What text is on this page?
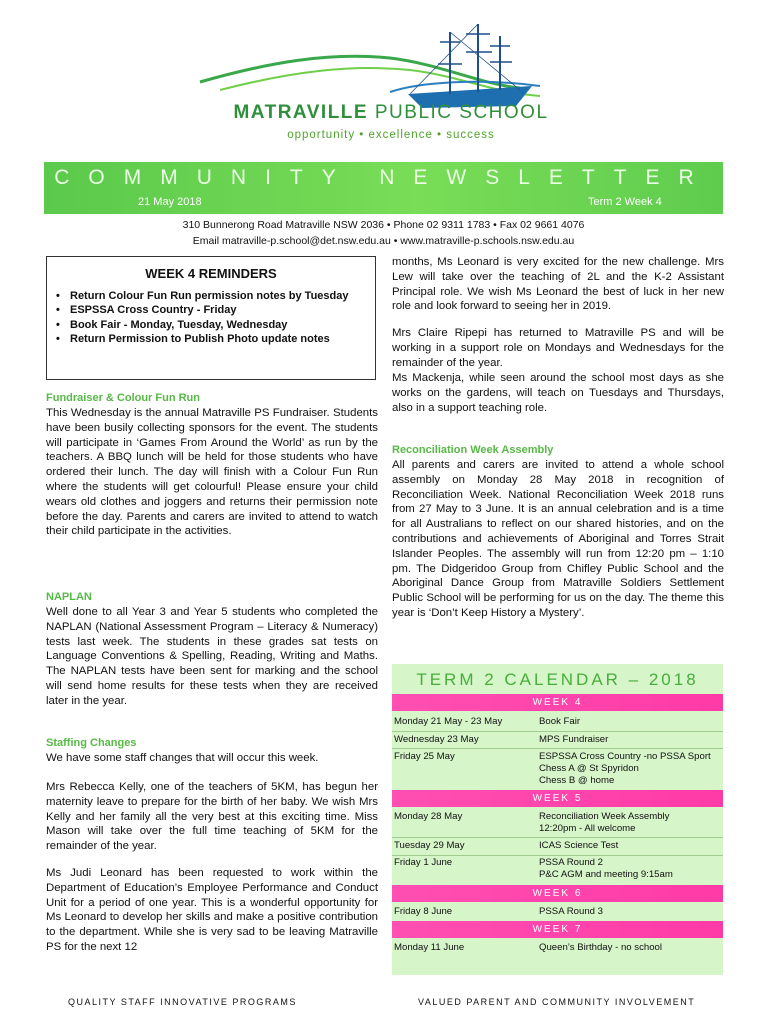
MATRAVILLE PUBLIC SCHOOL
opportunity • excellence • success
COMMUNITY NEWSLETTER
21 May 2018	Term 2 Week 4
310 Bunnerong Road Matraville NSW 2036 • Phone 02 9311 1783 • Fax 02 9661 4076
Email matraville-p.school@det.nsw.edu.au • www.matraville-p.schools.nsw.edu.au
WEEK 4 REMINDERS
• Return Colour Fun Run permission notes by Tuesday
• ESPSSA Cross Country - Friday
• Book Fair - Monday, Tuesday, Wednesday
• Return Permission to Publish Photo update notes
Fundraiser & Colour Fun Run
This Wednesday is the annual Matraville PS Fundraiser. Students have been busily collecting sponsors for the event. The students will participate in ‘Games From Around the World’ as run by the teachers. A BBQ lunch will be held for those students who have ordered their lunch. The day will finish with a Colour Fun Run where the students will get colourful! Please ensure your child wears old clothes and joggers and returns their permission note before the day. Parents and carers are invited to attend to watch their child participate in the activities.
NAPLAN
Well done to all Year 3 and Year 5 students who completed the NAPLAN (National Assessment Program – Literacy & Numeracy) tests last week. The students in these grades sat tests on Language Conventions & Spelling, Reading, Writing and Maths. The NAPLAN tests have been sent for marking and the school will send home results for these tests when they are received later in the year.
Staffing Changes
We have some staff changes that will occur this week.
Mrs Rebecca Kelly, one of the teachers of 5KM, has begun her maternity leave to prepare for the birth of her baby. We wish Mrs Kelly and her family all the very best at this exciting time. Miss Mason will take over the full time teaching of 5KM for the remainder of the year.
Ms Judi Leonard has been requested to work within the Department of Education’s Employee Performance and Conduct Unit for a period of one year. This is a wonderful opportunity for Ms Leonard to develop her skills and make a positive contribution to the department. While she is very sad to be leaving Matraville PS for the next 12
months, Ms Leonard is very excited for the new challenge. Mrs Lew will take over the teaching of 2L and the K-2 Assistant Principal role. We wish Ms Leonard the best of luck in her new role and look forward to seeing her in 2019.
Mrs Claire Ripepi has returned to Matraville PS and will be working in a support role on Mondays and Wednesdays for the remainder of the year.
Ms Mackenja, while seen around the school most days as she works on the gardens, will teach on Tuesdays and Thursdays, also in a support teaching role.
Reconciliation Week Assembly
All parents and carers are invited to attend a whole school assembly on Monday 28 May 2018 in recognition of Reconciliation Week. National Reconciliation Week 2018 runs from 27 May to 3 June. It is an annual celebration and is a time for all Australians to reflect on our shared histories, and on the contributions and achievements of Aboriginal and Torres Strait Islander Peoples. The assembly will run from 12:20 pm – 1:10 pm. The Didgeridoo Group from Chifley Public School and the Aboriginal Dance Group from Matraville Soldiers Settlement Public School will be performing for us on the day. The theme this year is ‘Don’t Keep History a Mystery’.
TERM 2 CALENDAR – 2018
WEEK 4
Monday 21 May - 23 May	Book Fair
Wednesday 23 May	MPS Fundraiser
Friday 25 May	ESPSSA Cross Country -no PSSA Sport
Chess A @ St Spyridon
Chess B @ home
WEEK 5
Monday 28 May	Reconciliation Week Assembly
12:20pm - All welcome
Tuesday 29 May	ICAS Science Test
Friday 1 June	PSSA Round 2
P&C AGM and meeting 9:15am
WEEK 6
Friday 8 June	PSSA Round 3
WEEK 7
Monday 11 June	Queen’s Birthday - no school
QUALITY STAFF INNOVATIVE PROGRAMS	VALUED PARENT AND COMMUNITY INVOLVEMENT
